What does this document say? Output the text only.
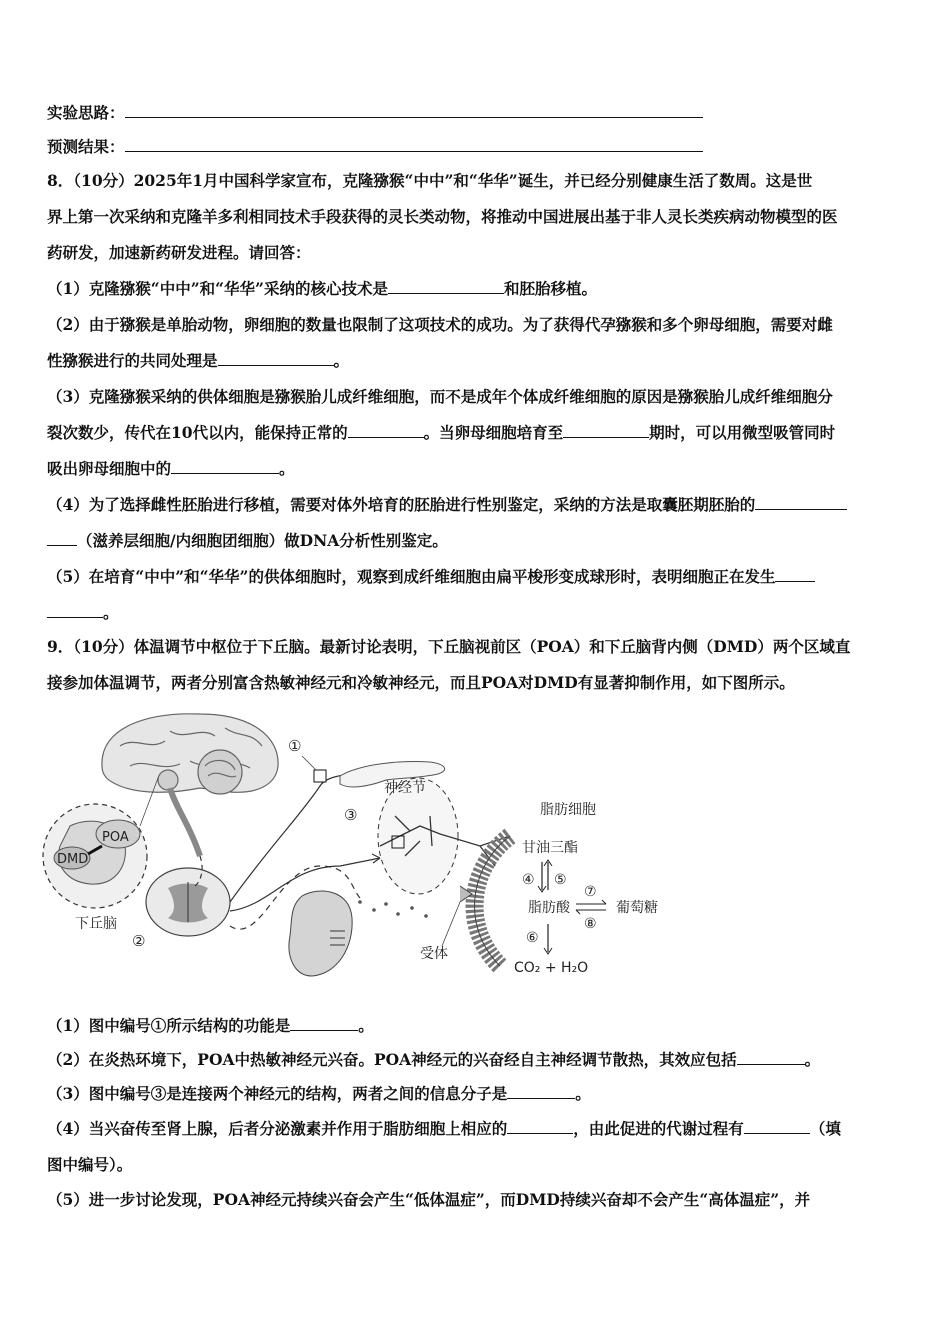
实验思路：
预测结果：
8．（10分）2025年1月中国科学家宣布，克隆猕猴“中中”和“华华”诞生，并已经分别健康生活了数周。这是世
界上第一次采纳和克隆羊多利相同技术手段获得的灵长类动物，将推动中国进展出基于非人灵长类疾病动物模型的医
药研发，加速新药研发进程。请回答：
（1）克隆猕猴“中中”和“华华”采纳的核心技术是	和胚胎移植。
（2）由于猕猴是单胎动物，卵细胞的数量也限制了这项技术的成功。为了获得代孕猕猴和多个卵母细胞，需要对雌
性猕猴进行的共同处理是	。
（3）克隆猕猴采纳的供体细胞是猕猴胎儿成纤维细胞，而不是成年个体成纤维细胞的原因是猕猴胎儿成纤维细胞分
裂次数少，传代在10代以内，能保持正常的	。当卵母细胞培育至	期时，可以用微型吸管同时
吸出卵母细胞中的	。
（4）为了选择雌性胚胎进行移植，需要对体外培育的胚胎进行性别鉴定，采纳的方法是取囊胚期胚胎的
（滋养层细胞/内细胞团细胞）做DNA分析性别鉴定。
（5）在培育“中中”和“华华”的供体细胞时，观察到成纤维细胞由扁平梭形变成球形时，表明细胞正在发生
。
9．（10分）体温调节中枢位于下丘脑。最新讨论表明，下丘脑视前区（POA）和下丘脑背内侧（DMD）两个区域直
接参加体温调节，两者分别富含热敏神经元和冷敏神经元，而且POA对DMD有显著抑制作用，如下图所示。
POA
DMD
下丘脑
②
①
神经节
③
受体
脂肪细胞
甘油三酯
④ ⑤
脂肪酸
⑦
⑧
葡萄糖
⑥
CO₂ + H₂O
（1）图中编号①所示结构的功能是	。
（2）在炎热环境下，POA中热敏神经元兴奋。POA神经元的兴奋经自主神经调节散热，其效应包括	。
（3）图中编号③是连接两个神经元的结构，两者之间的信息分子是	。
（4）当兴奋传至肾上腺，后者分泌激素并作用于脂肪细胞上相应的	，由此促进的代谢过程有	（填
图中编号）。
（5）进一步讨论发现，POA神经元持续兴奋会产生“低体温症”，而DMD持续兴奋却不会产生“高体温症”，并
